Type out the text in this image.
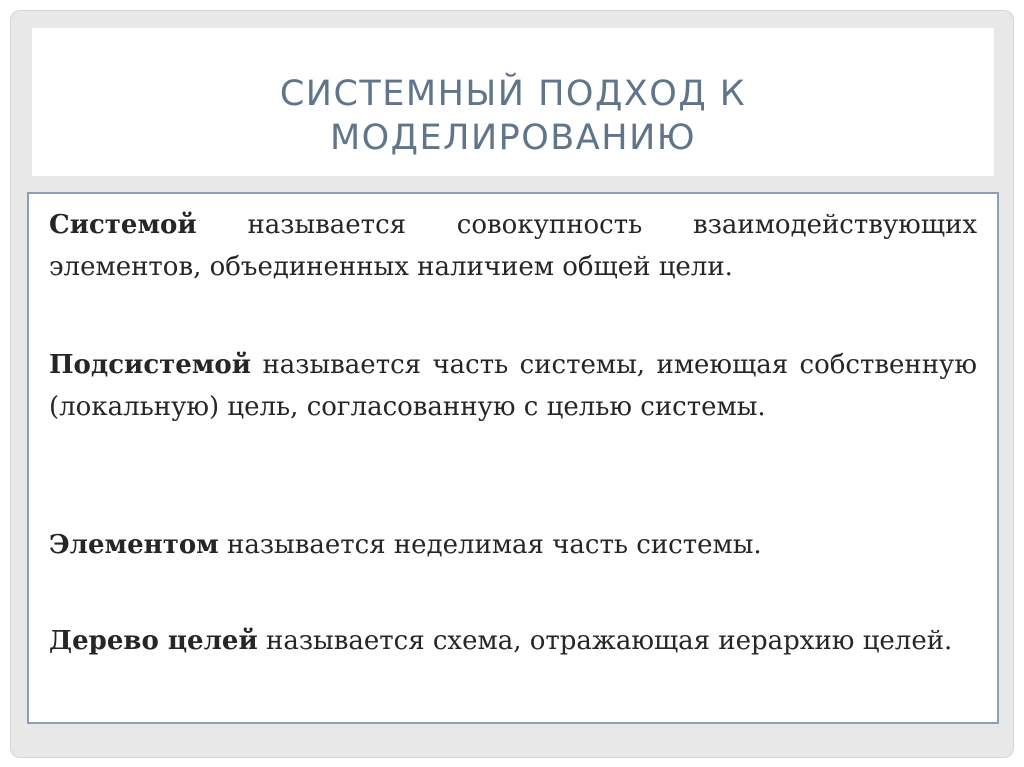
СИСТЕМНЫЙ ПОДХОД К
МОДЕЛИРОВАНИЮ

Системой называется совокупность взаимодействующих элементов, объединенных наличием общей цели.

Подсистемой называется часть системы, имеющая собственную (локальную) цель, согласованную с целью системы.

Элементом называется неделимая часть системы.

Дерево целей называется схема, отражающая иерархию целей.
